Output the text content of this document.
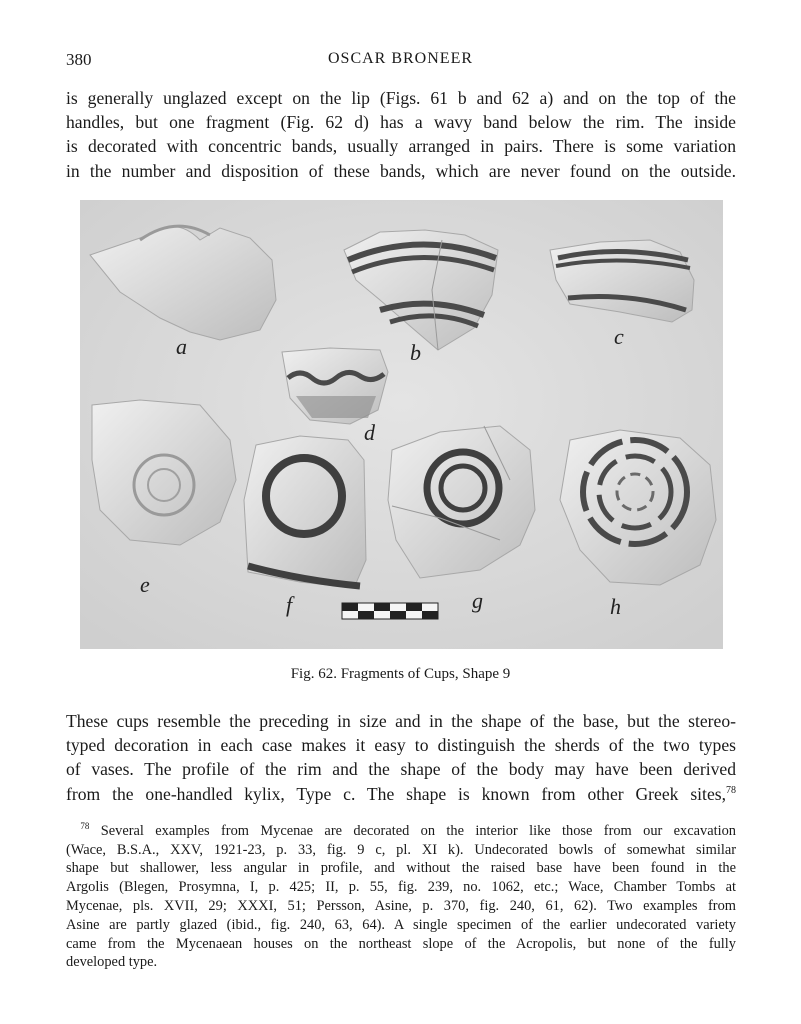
380	OSCAR BRONEER
is generally unglazed except on the lip (Figs. 61 b and 62 a) and on the top of the
handles, but one fragment (Fig. 62 d) has a wavy band below the rim. The inside
is decorated with concentric bands, usually arranged in pairs. There is some variation
in the number and disposition of these bands, which are never found on the outside.
a	b
c
d
e
f	g	h
Fig. 62. Fragments of Cups, Shape 9
These cups resemble the preceding in size and in the shape of the base, but the stereo-
typed decoration in each case makes it easy to distinguish the sherds of the two types
of vases. The profile of the rim and the shape of the body may have been derived
from the one-handled kylix, Type c. The shape is known from other Greek sites,$^{78}$
 $^{78}$ Several examples from Mycenae are decorated on the interior like those from our excavation
(Wace, B.S.A., XXV, 1921-23, p. 33, fig. 9 c, pl. XI k). Undecorated bowls of somewhat similar
shape but shallower, less angular in profile, and without the raised base have been found in the
Argolis (Blegen, Prosymna, I, p. 425; II, p. 55, fig. 239, no. 1062, etc.; Wace, Chamber Tombs at
Mycenae, pls. XVII, 29; XXXI, 51; Persson, Asine, p. 370, fig. 240, 61, 62). Two examples from
Asine are partly glazed (ibid., fig. 240, 63, 64). A single specimen of the earlier undecorated variety
came from the Mycenaean houses on the northeast slope of the Acropolis, but none of the fully
developed type.
